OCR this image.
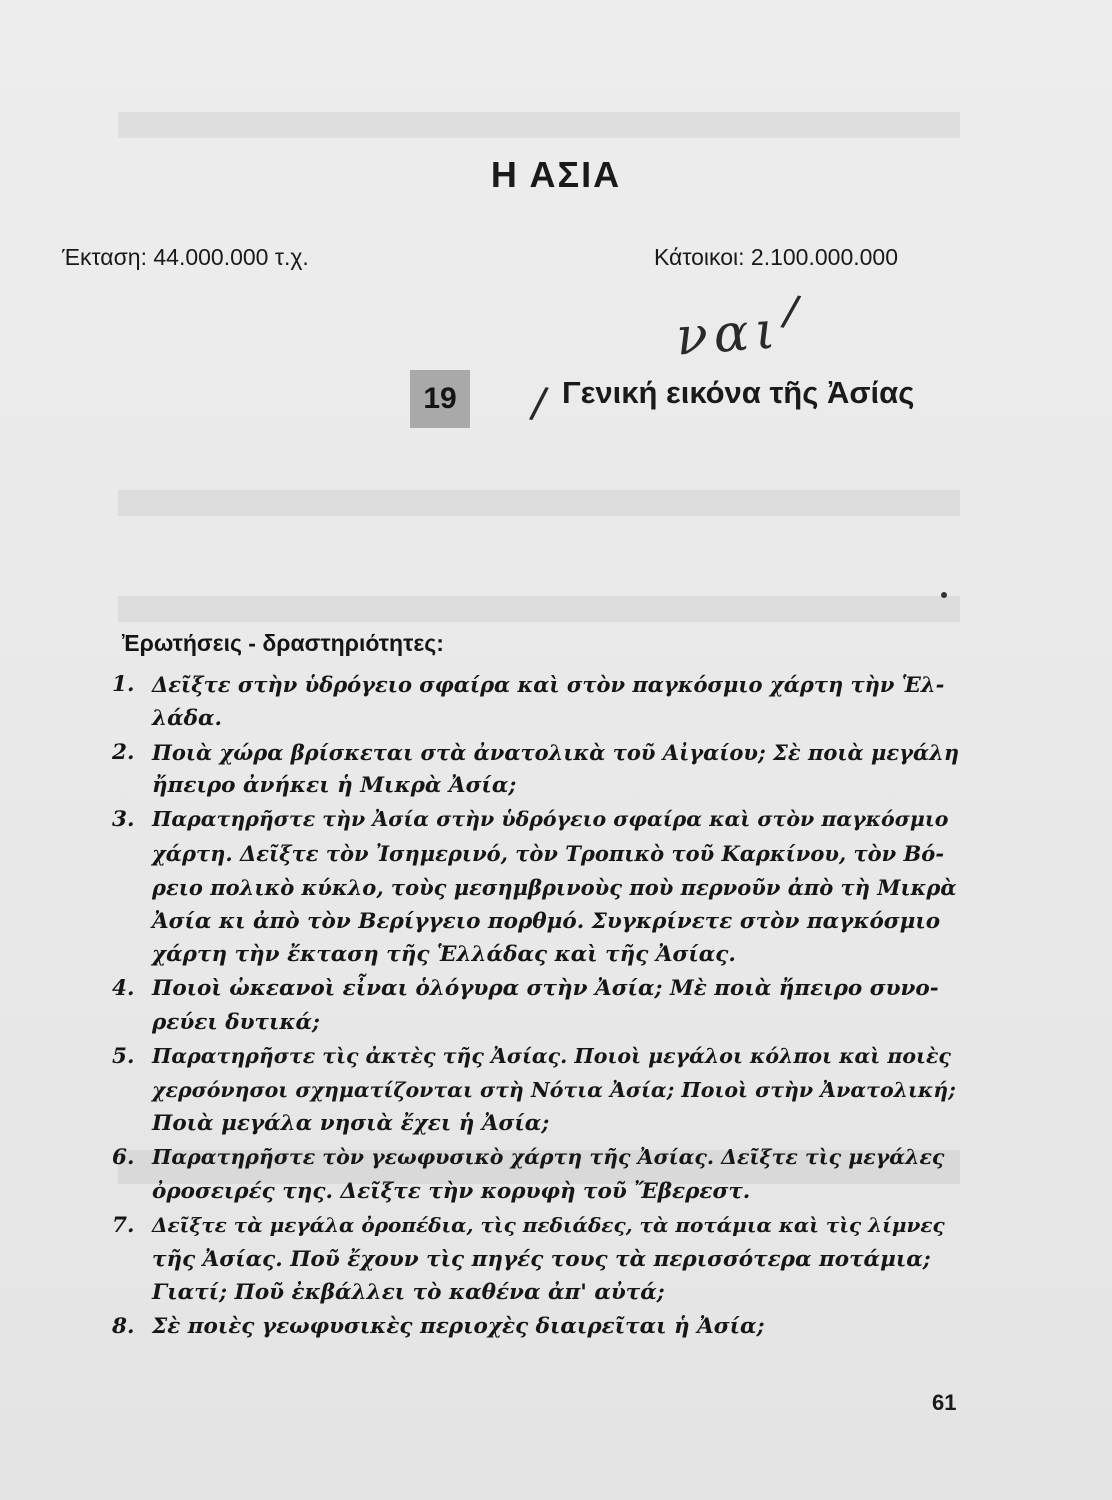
Η ΑΣΙΑ
Έκταση: 44.000.000 τ.χ.	Κάτοικοι: 2.100.000.000
/
ναι
19 / Γενική εικόνα τῆς Ἀσίας
Ἐρωτήσεις - δραστηριότητες:
1. Δεῖξτε στὴν ὑδρόγειο σφαίρα καὶ στὸν παγκόσμιο χάρτη τὴν Ἑλ-
λάδα.
2. Ποιὰ χώρα βρίσκεται στὰ ἀνατολικὰ τοῦ Αἰγαίου; Σὲ ποιὰ μεγάλη
ἤπειρο ἀνήκει ἡ Μικρὰ Ἀσία;
3. Παρατηρῆστε τὴν Ἀσία στὴν ὑδρόγειο σφαίρα καὶ στὸν παγκόσμιο
χάρτη. Δεῖξτε τὸν Ἰσημερινό, τὸν Τροπικὸ τοῦ Καρκίνου, τὸν Βό-
ρειο πολικὸ κύκλο, τοὺς μεσημβρινοὺς ποὺ περνοῦν ἀπὸ τὴ Μικρὰ
Ἀσία κι ἀπὸ τὸν Βερίγγειο πορθμό. Συγκρίνετε στὸν παγκόσμιο
χάρτη τὴν ἔκταση τῆς Ἑλλάδας καὶ τῆς Ἀσίας.
4. Ποιοὶ ὠκεανοὶ εἶναι ὁλόγυρα στὴν Ἀσία; Μὲ ποιὰ ἤπειρο συνο-
ρεύει δυτικά;
5. Παρατηρῆστε τὶς ἀκτὲς τῆς Ἀσίας. Ποιοὶ μεγάλοι κόλποι καὶ ποιὲς
χερσόνησοι σχηματίζονται στὴ Νότια Ἀσία; Ποιοὶ στὴν Ἀνατολική;
Ποιὰ μεγάλα νησιὰ ἔχει ἡ Ἀσία;
6. Παρατηρῆστε τὸν γεωφυσικὸ χάρτη τῆς Ἀσίας. Δεῖξτε τὶς μεγάλες
ὀροσειρές της. Δεῖξτε τὴν κορυφὴ τοῦ Ἔβερεστ.
7. Δεῖξτε τὰ μεγάλα ὀροπέδια, τὶς πεδιάδες, τὰ ποτάμια καὶ τὶς λίμνες
τῆς Ἀσίας. Ποῦ ἔχουν τὶς πηγές τους τὰ περισσότερα ποτάμια;
Γιατί; Ποῦ ἐκβάλλει τὸ καθένα ἀπ' αὐτά;
8. Σὲ ποιὲς γεωφυσικὲς περιοχὲς διαιρεῖται ἡ Ἀσία;
61
